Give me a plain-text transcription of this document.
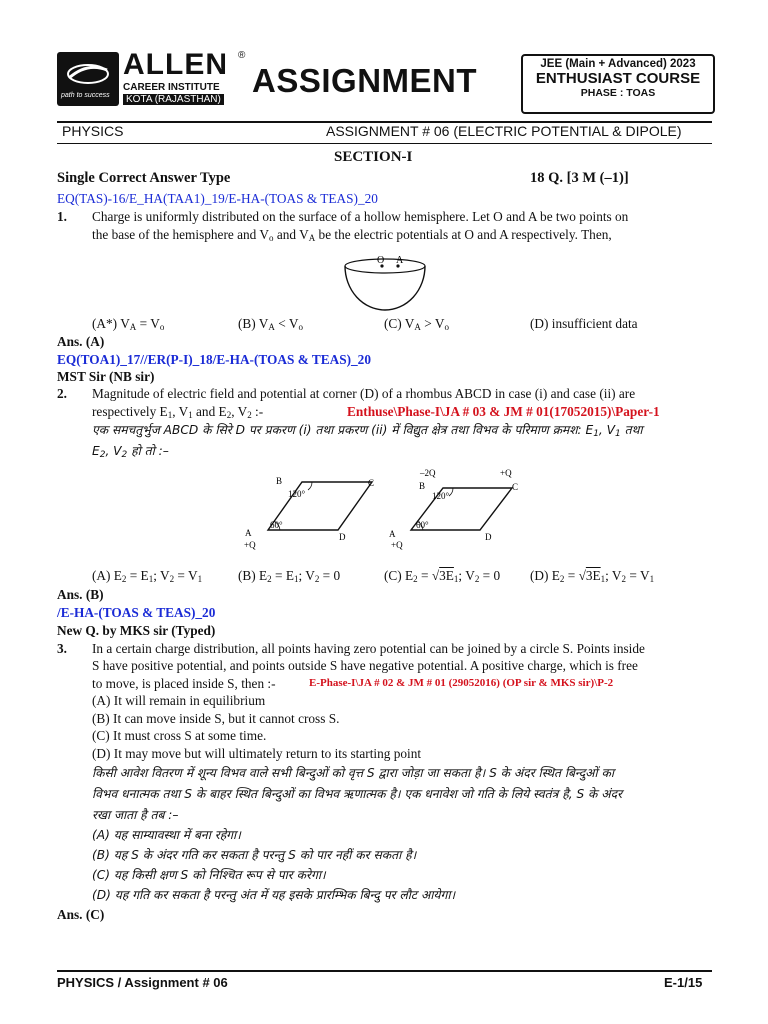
path to success
ALLEN ®
CAREER INSTITUTE
KOTA (RAJASTHAN)
ASSIGNMENT	JEE (Main + Advanced) 2023
ENTHUSIAST COURSE
PHASE : TOAS
PHYSICS	ASSIGNMENT # 06 (ELECTRIC POTENTIAL & DIPOLE)
SECTION-I
Single Correct Answer Type	18 Q. [3 M (–1)]
EQ(TAS)-16/E_HA(TAA1)_19/E-HA-(TOAS & TEAS)_20
1. Charge is uniformly distributed on the surface of a hollow hemisphere. Let O and A be two points on
the base of the hemisphere and $V_o$ and $V_A$ be the electric potentials at O and A respectively. Then,
O A
(A*) $V_A = V_o$	(B) $V_A < V_o$	(C) $V_A > V_o$	(D) insufficient data
Ans. (A)
EQ(TOA1)_17//ER(P-I)_18/E-HA-(TOAS & TEAS)_20
MST Sir (NB sir)
2. Magnitude of electric field and potential at corner (D) of a rhombus ABCD in case (i) and case (ii) are
respectively $E_1$, $V_1$ and $E_2$, $V_2$ :-	Enthuse\Phase-I\JA # 03 & JM # 01(17052015)\Paper-1
एक समचतुर्भुज ABCD के सिरे D पर प्रकरण (i) तथा प्रकरण (ii) में विद्युत क्षेत्र तथा विभव के परिमाण क्रमश: $E_1$, $V_1$ तथा
$E_2$, $V_2$ हो तो :–
B	C
A	D
120°
60°
+Q
–2Q	+Q
B	C
A	D
120°
60°
+Q
(A) $E_2 = E_1$; $V_2 = V_1$	(B) $E_2 = E_1$; $V_2 = 0$	(C) $E_2 = √3E_1$; $V_2 = 0$ (D) $E_2 = √3E_1$; $V_2 = V_1$
Ans. (B)
/E-HA-(TOAS & TEAS)_20
New Q. by MKS sir (Typed)
3. In a certain charge distribution, all points having zero potential can be joined by a circle S. Points inside
S have positive potential, and points outside S have negative potential. A positive charge, which is free
to move, is placed inside S, then :-	E-Phase-I\JA # 02 & JM # 01 (29052016) (OP sir & MKS sir)\P-2
(A) It will remain in equilibrium
(B) It can move inside S, but it cannot cross S.
(C) It must cross S at some time.
(D) It may move but will ultimately return to its starting point
किसी आवेश वितरण में शून्य विभव वाले सभी बिन्दुओं को वृत्त S द्वारा जोड़ा जा सकता है। S के अंदर स्थित बिन्दुओं का
विभव धनात्मक तथा S के बाहर स्थित बिन्दुओं का विभव ऋणात्मक है। एक धनावेश जो गति के लिये स्वतंत्र है, S के अंदर
रखा जाता है तब :–
(A) यह साम्यावस्था में बना रहेगा।
(B) यह S के अंदर गति कर सकता है परन्तु S को पार नहीं कर सकता है।
(C) यह किसी क्षण S को निश्चित रूप से पार करेगा।
(D) यह गति कर सकता है परन्तु अंत में यह इसके प्रारम्भिक बिन्दु पर लौट आयेगा।
Ans. (C)
PHYSICS / Assignment # 06	E-1/15
